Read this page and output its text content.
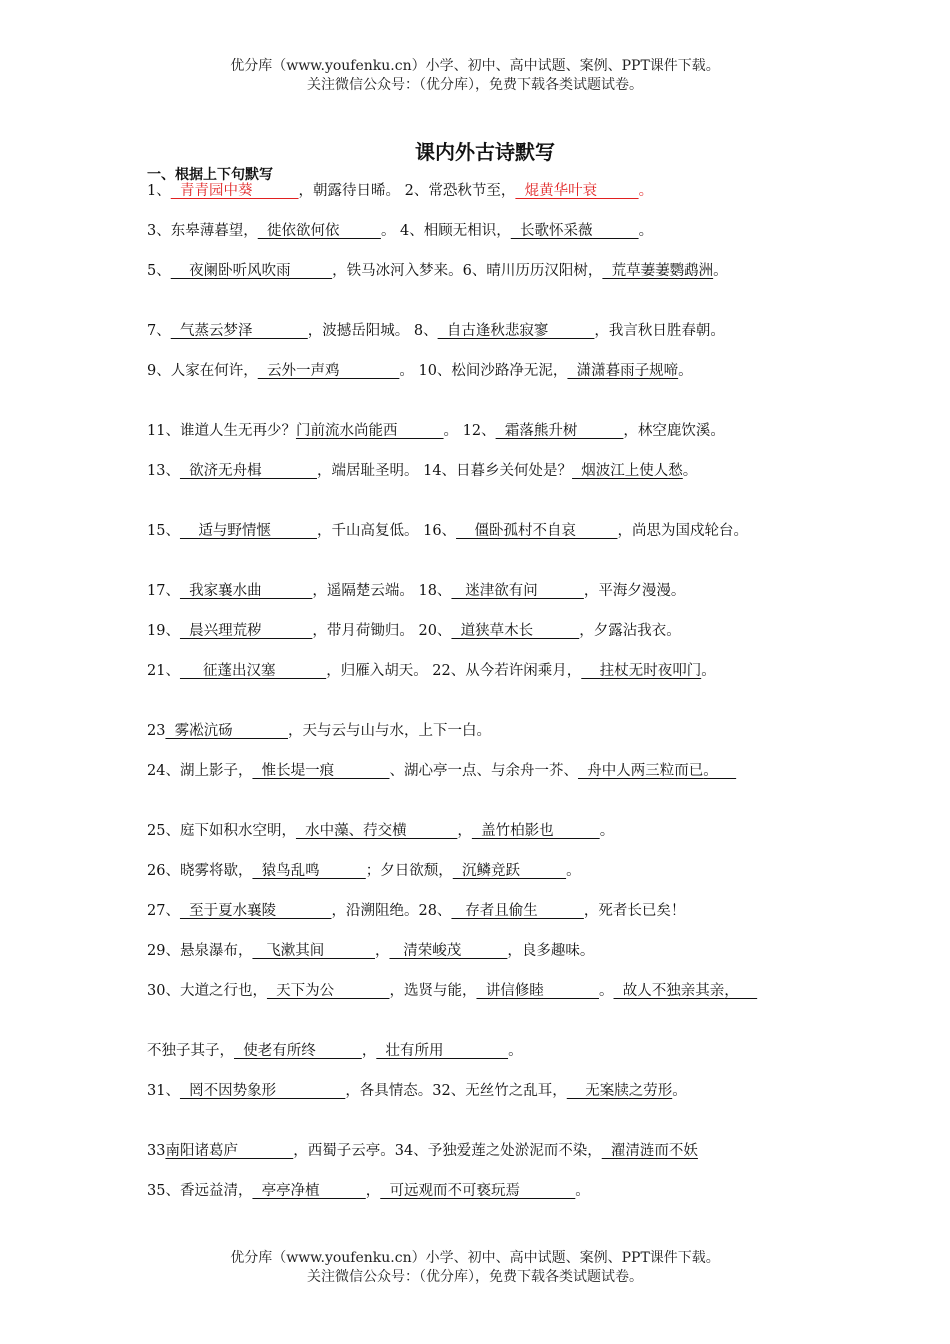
优分库（www.youfenku.cn）小学、初中、高中试题、案例、PPT课件下载。
关注微信公众号：（优分库），免费下载各类试题试卷。
课内外古诗默写
一、根据上下句默写
1、  青青园中葵          ，朝露待日晞。 2、常恐秋节至，  焜黄华叶衰         。
3、东皋薄暮望，  徙依欲何依         。 4、相顾无相识，  长歌怀采薇          。
5、    夜阑卧听风吹雨         ，铁马冰河入梦来。6、晴川历历汉阳树，  荒草萋萋鹦鹉洲。
7、  气蒸云梦泽            ，波撼岳阳城。 8、  自古逢秋悲寂寥          ，我言秋日胜春朝。
9、人家在何许，  云外一声鸡             。 10、松间沙路净无泥，  潇潇暮雨子规啼。
11、谁道人生无再少？门前流水尚能西          。 12、  霜落熊升树          ，林空鹿饮溪。
13、  欲济无舟楫            ，端居耻圣明。 14、日暮乡关何处是？  烟波江上使人愁。
15、    适与野情惬          ，千山高复低。 16、    僵卧孤村不自哀         ，尚思为国戍轮台。
17、  我家襄水曲           ，遥隔楚云端。 18、   迷津欲有问          ，平海夕漫漫。
19、  晨兴理荒秽           ，带月荷锄归。 20、  道狭草木长          ，夕露沾我衣。
21、     征蓬出汉塞           ，归雁入胡天。 22、从今若许闲乘月，    拄杖无时夜叩门。
23  雾凇沆砀            ，天与云与山与水，上下一白。
24、湖上影子，  惟长堤一痕            、湖心亭一点、与余舟一芥、  舟中人两三粒而已。
25、庭下如积水空明，  水中藻、荇交横           ，  盖竹柏影也          。
26、晓雾将歇，  猿鸟乱鸣          ；夕日欲颓，  沉鳞竞跃          。
27、  至于夏水襄陵            ，沿溯阻绝。28、   存者且偷生          ，死者长已矣！
29、悬泉瀑布，   飞漱其间           ，   清荣峻茂          ，良多趣味。
30、大道之行也，  天下为公            ，选贤与能，  讲信修睦            。  故人不独亲其亲，
不独子其子，  使老有所终          ，  壮有所用              。
31、  罔不因势象形               ，各具情态。32、无丝竹之乱耳，    无案牍之劳形。
33南阳诸葛庐            ，西蜀子云亭。34、予独爱莲之处淤泥而不染，  濯清涟而不妖
35、香远益清，  亭亭净植          ，  可远观而不可亵玩焉            。
优分库（www.youfenku.cn）小学、初中、高中试题、案例、PPT课件下载。
关注微信公众号：（优分库），免费下载各类试题试卷。
